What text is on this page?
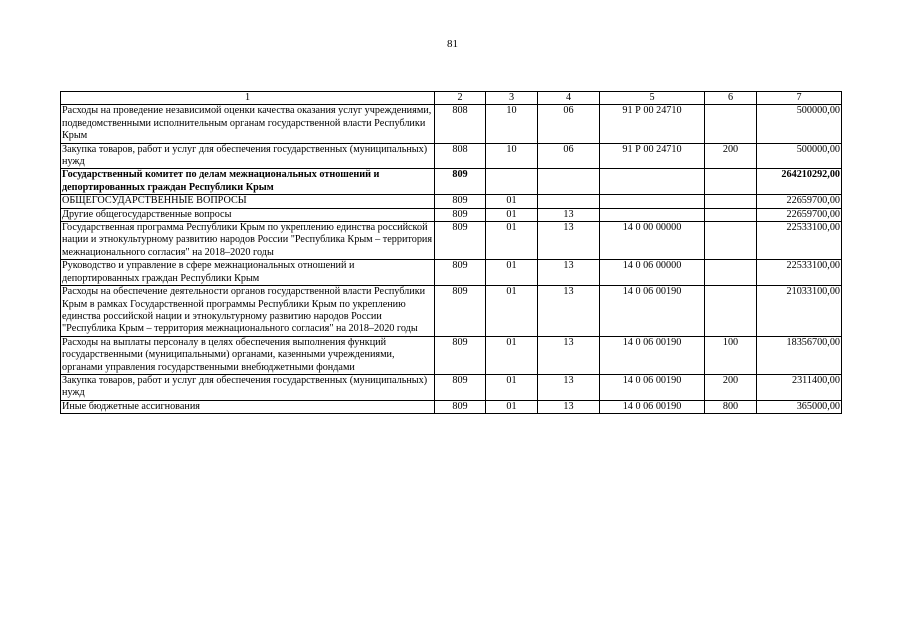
81
1	2	3	4	5	6	7
Расходы на проведение независимой оценки качества оказания услуг учреждениями, подведомственными исполнительным органам государственной власти Республики Крым	808	10	06	91 Р 00 24710		500000,00
Закупка товаров, работ и услуг для обеспечения государственных (муниципальных) нужд	808	10	06	91 Р 00 24710	200	500000,00
Государственный комитет по делам межнациональных отношений и депортированных граждан Республики Крым	809					264210292,00
ОБЩЕГОСУДАРСТВЕННЫЕ ВОПРОСЫ	809	01				22659700,00
Другие общегосударственные вопросы	809	01	13			22659700,00
Государственная программа Республики Крым по укреплению единства российской нации и этнокультурному развитию народов России "Республика Крым – территория межнационального согласия" на 2018–2020 годы	809	01	13	14 0 00 00000		22533100,00
Руководство и управление в сфере межнациональных отношений и депортированных граждан Республики Крым	809	01	13	14 0 06 00000		22533100,00
Расходы на обеспечение деятельности органов государственной власти Республики Крым в рамках Государственной программы Республики Крым по укреплению единства российской нации и этнокультурному развитию народов России "Республика Крым – территория межнационального согласия" на 2018–2020 годы	809	01	13	14 0 06 00190		21033100,00
Расходы на выплаты персоналу в целях обеспечения выполнения функций государственными (муниципальными) органами, казенными учреждениями, органами управления государственными внебюджетными фондами	809	01	13	14 0 06 00190	100	18356700,00
Закупка товаров, работ и услуг для обеспечения государственных (муниципальных) нужд	809	01	13	14 0 06 00190	200	2311400,00
Иные бюджетные ассигнования	809	01	13	14 0 06 00190	800	365000,00
